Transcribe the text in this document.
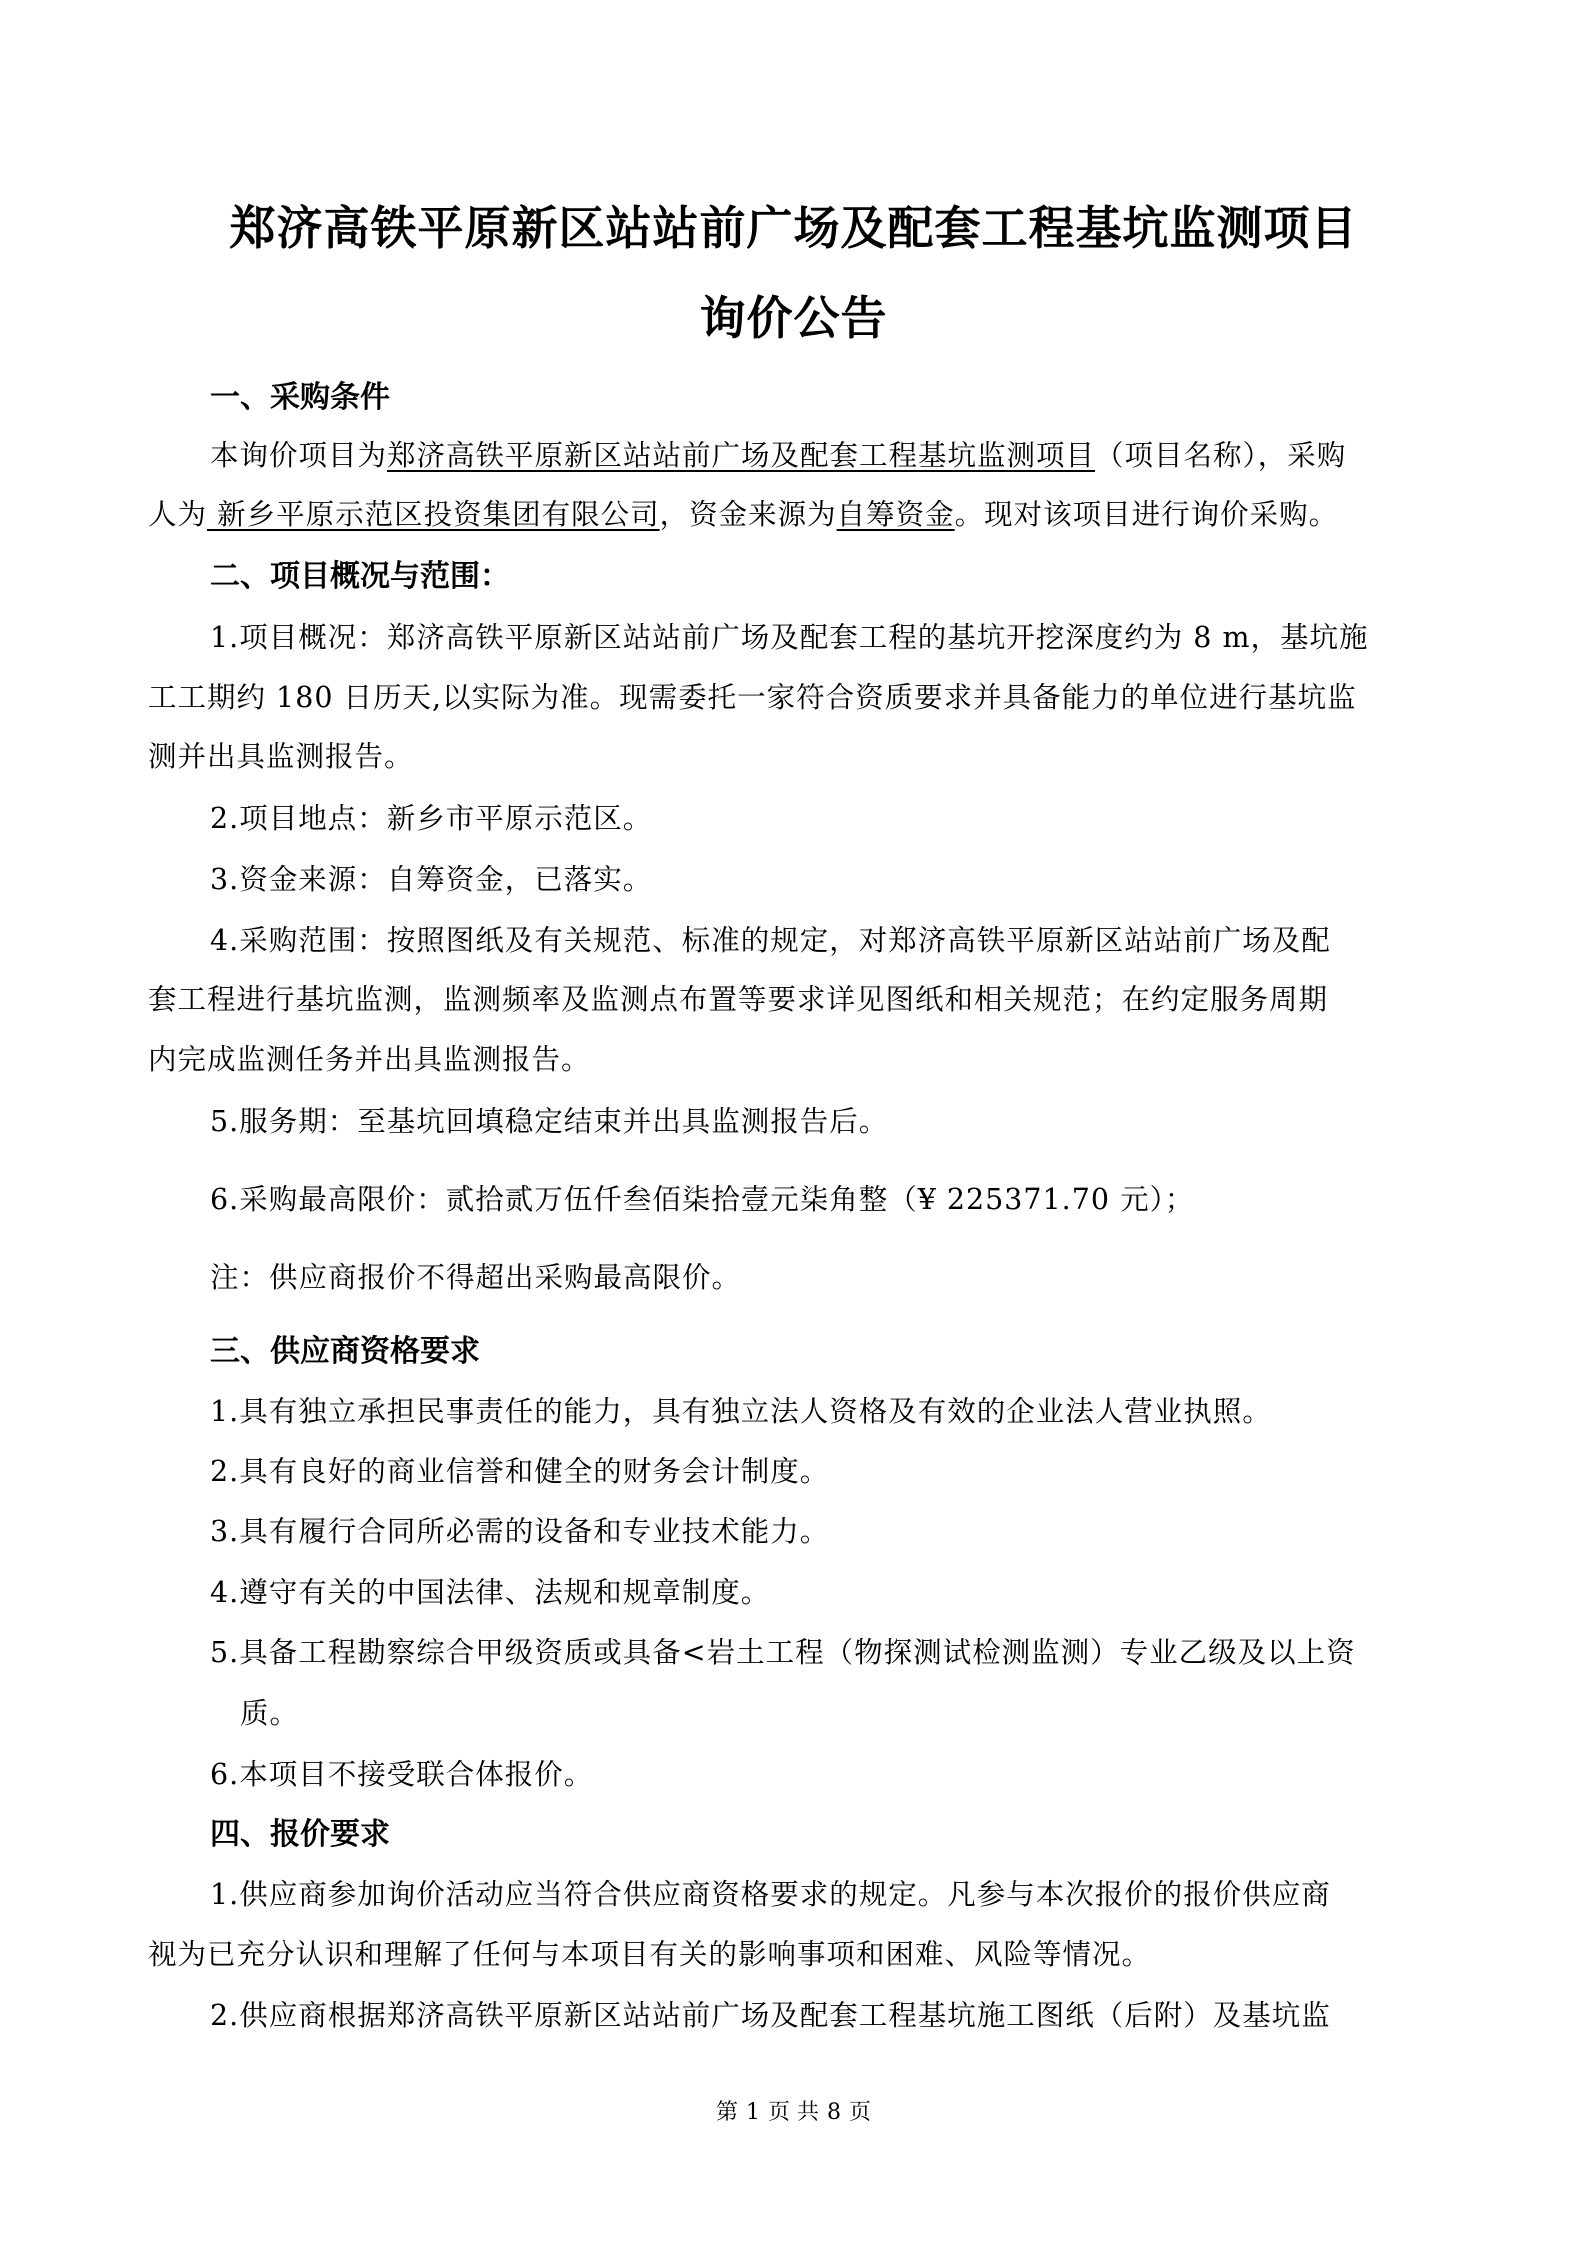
郑济高铁平原新区站站前广场及配套工程基坑监测项目
询价公告
一、采购条件
本询价项目为郑济高铁平原新区站站前广场及配套工程基坑监测项目（项目名称），采购
人为 新乡平原示范区投资集团有限公司，资金来源为自筹资金。现对该项目进行询价采购。
二、项目概况与范围：
1.项目概况：郑济高铁平原新区站站前广场及配套工程的基坑开挖深度约为 8 m，基坑施
工工期约 180 日历天,以实际为准。现需委托一家符合资质要求并具备能力的单位进行基坑监
测并出具监测报告。
2.项目地点：新乡市平原示范区。
3.资金来源：自筹资金，已落实。
4.采购范围：按照图纸及有关规范、标准的规定，对郑济高铁平原新区站站前广场及配
套工程进行基坑监测，监测频率及监测点布置等要求详见图纸和相关规范；在约定服务周期
内完成监测任务并出具监测报告。
5.服务期：至基坑回填稳定结束并出具监测报告后。
6.采购最高限价：贰拾贰万伍仟叁佰柒拾壹元柒角整（¥ 225371.70 元）；
注：供应商报价不得超出采购最高限价。
三、供应商资格要求
1.具有独立承担民事责任的能力，具有独立法人资格及有效的企业法人营业执照。
2.具有良好的商业信誉和健全的财务会计制度。
3.具有履行合同所必需的设备和专业技术能力。
4.遵守有关的中国法律、法规和规章制度。
5.具备工程勘察综合甲级资质或具备<岩土工程（物探测试检测监测）专业乙级及以上资
质。
6.本项目不接受联合体报价。
四、报价要求
1.供应商参加询价活动应当符合供应商资格要求的规定。凡参与本次报价的报价供应商
视为已充分认识和理解了任何与本项目有关的影响事项和困难、风险等情况。
2.供应商根据郑济高铁平原新区站站前广场及配套工程基坑施工图纸（后附）及基坑监
第 1 页 共 8 页
